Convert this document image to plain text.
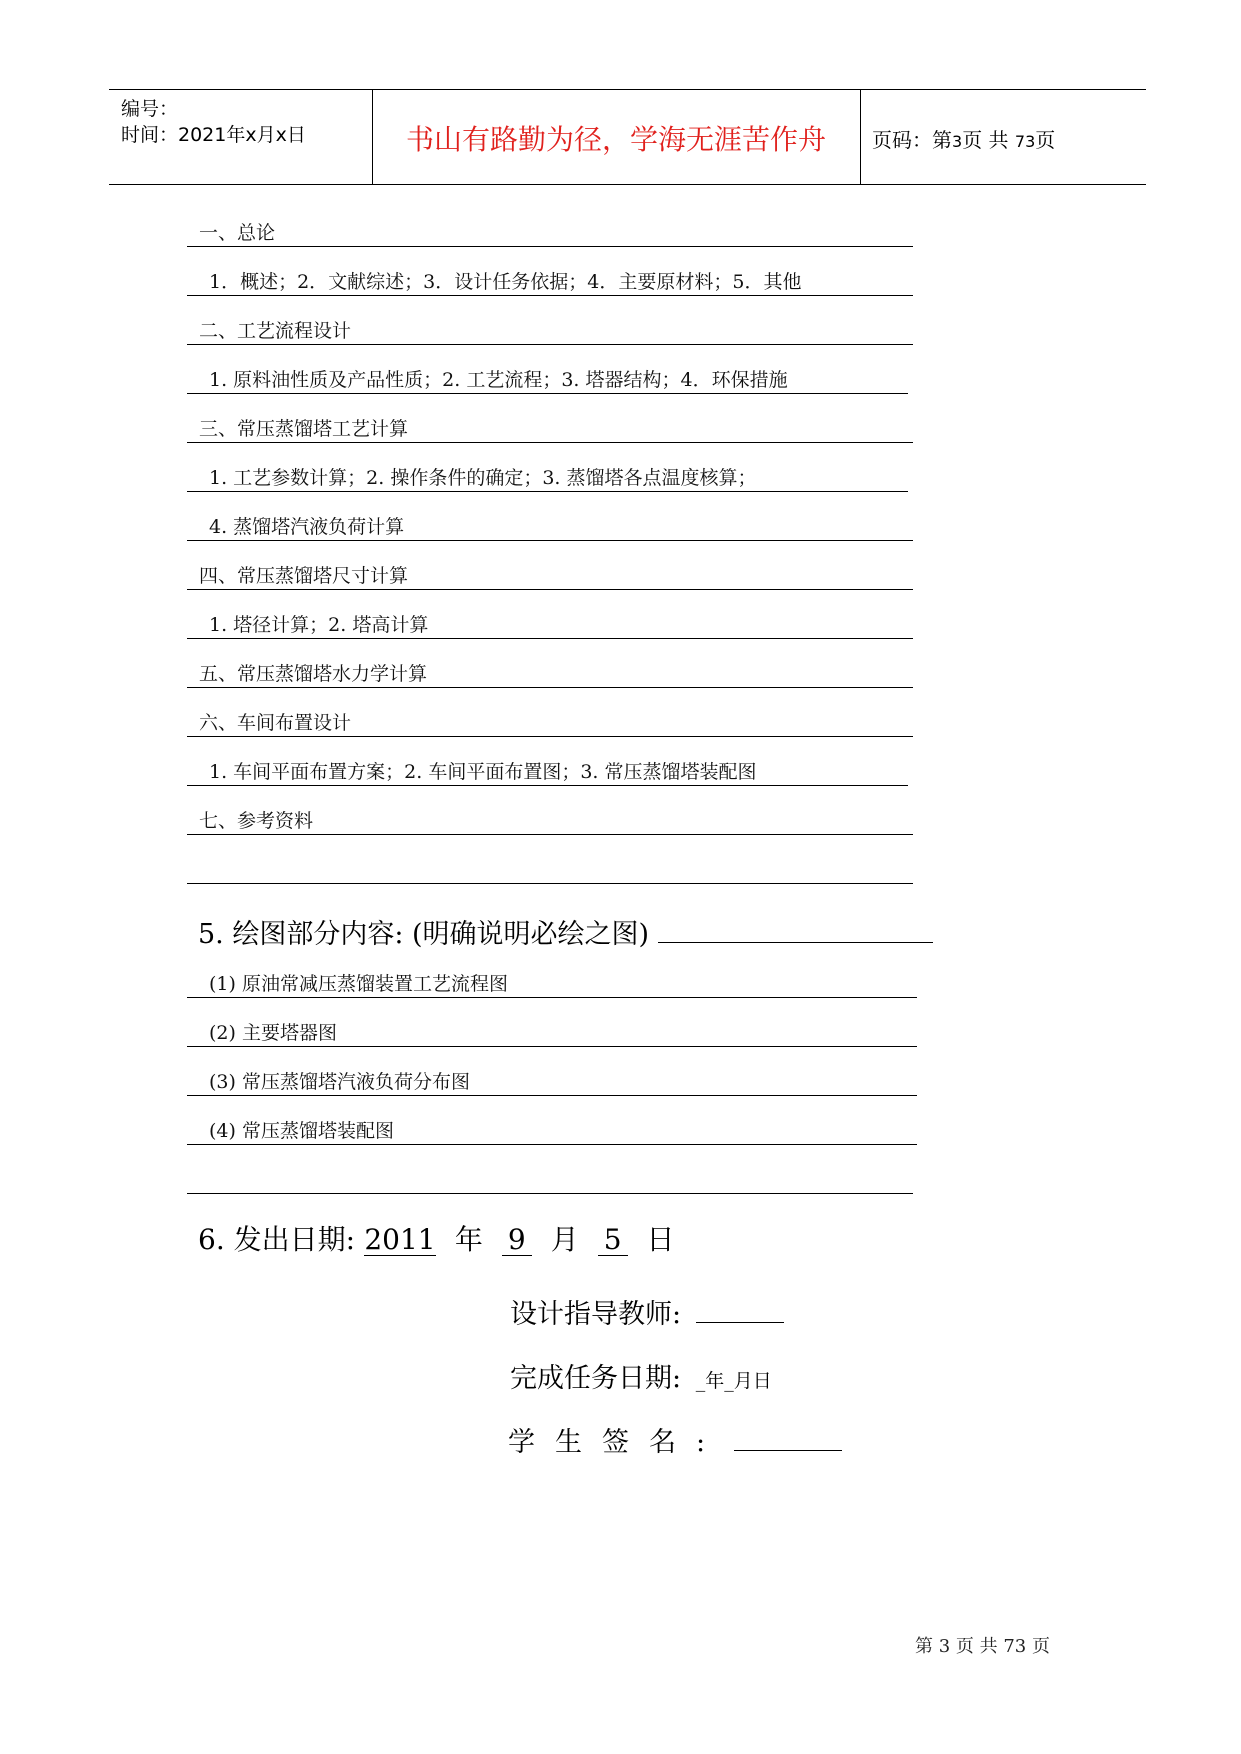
编号：
时间：2021年x月x日	书山有路勤为径，学海无涯苦作舟	页码：第3页 共 73页
一、总论
1．概述；2．文献综述；3．设计任务依据；4．主要原材料；5．其他
二、工艺流程设计
1. 原料油性质及产品性质；2. 工艺流程；3. 塔器结构；4．环保措施
三、常压蒸馏塔工艺计算
1. 工艺参数计算；2. 操作条件的确定；3. 蒸馏塔各点温度核算；
4. 蒸馏塔汽液负荷计算
四、常压蒸馏塔尺寸计算
1. 塔径计算；2. 塔高计算
五、常压蒸馏塔水力学计算
六、车间布置设计
1. 车间平面布置方案；2. 车间平面布置图；3. 常压蒸馏塔装配图
七、参考资料
5. 绘图部分内容: (明确说明必绘之图)
(1) 原油常减压蒸馏装置工艺流程图
(2) 主要塔器图
(3) 常压蒸馏塔汽液负荷分布图
(4) 常压蒸馏塔装配图
6. 发出日期: 2011 年 9 月 5 日
设计指导教师:
完成任务日期: _年_月日
学生签名:
第 3 页 共 73 页
